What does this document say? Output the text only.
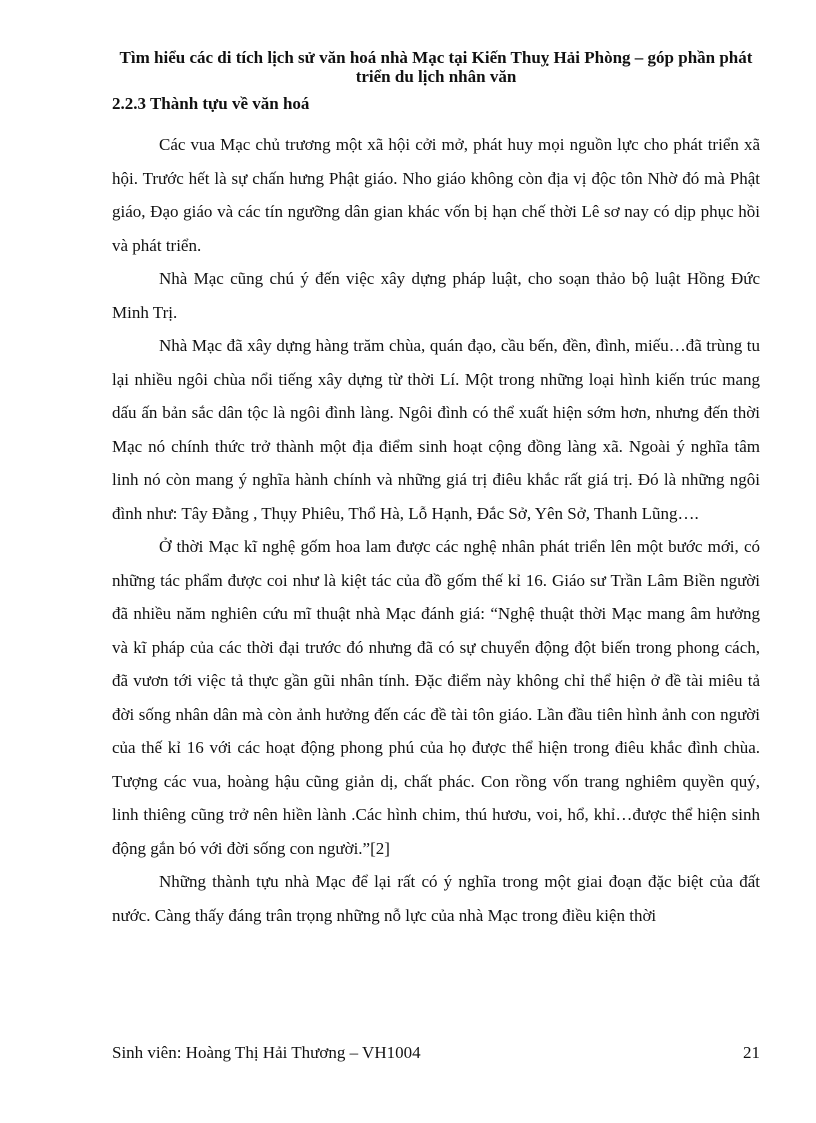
Tìm hiểu các di tích lịch sử văn hoá nhà Mạc tại Kiến Thuỵ Hải Phòng – góp phần phát triển du lịch nhân văn
2.2.3 Thành tựu về văn hoá

Các vua Mạc chủ trương một xã hội cởi mở, phát huy mọi nguồn lực cho phát triển xã hội. Trước hết là sự chấn hưng Phật giáo. Nho giáo không còn địa vị độc tôn Nhờ đó mà Phật giáo, Đạo giáo và các tín ngưỡng dân gian khác vốn bị hạn chế thời Lê sơ nay có dịp phục hồi và phát triển.

Nhà Mạc cũng chú ý đến việc xây dựng pháp luật, cho soạn thảo bộ luật Hồng Đức Minh Trị.

Nhà Mạc đã xây dựng hàng trăm chùa, quán đạo, cầu bến, đền, đình, miếu…đã trùng tu lại nhiều ngôi chùa nổi tiếng xây dựng từ thời Lí. Một trong những loại hình kiến trúc mang dấu ấn bản sắc dân tộc là ngôi đình làng. Ngôi đình có thể xuất hiện sớm hơn, nhưng đến thời Mạc nó chính thức trở thành một địa điểm sinh hoạt cộng đồng làng xã. Ngoài ý nghĩa tâm linh nó còn mang ý nghĩa hành chính và những giá trị điêu khắc rất giá trị. Đó là những ngôi đình như: Tây Đằng , Thụy Phiêu, Thổ Hà, Lỗ Hạnh, Đắc Sở, Yên Sở, Thanh Lũng….

Ở thời Mạc kĩ nghệ gốm hoa lam được các nghệ nhân phát triển lên một bước mới, có những tác phẩm được coi như là kiệt tác của đồ gốm thế kỉ 16. Giáo sư Trần Lâm Biền người đã nhiều năm nghiên cứu mĩ thuật nhà Mạc đánh giá: “Nghệ thuật thời Mạc mang âm hưởng và kĩ pháp của các thời đại trước đó nhưng đã có sự chuyển động đột biến trong phong cách, đã vươn tới việc tả thực gần gũi nhân tính. Đặc điểm này không chỉ thể hiện ở đề tài miêu tả đời sống nhân dân mà còn ảnh hưởng đến các đề tài tôn giáo. Lần đầu tiên hình ảnh con người của thế kỉ 16 với các hoạt động phong phú của họ được thể hiện trong điêu khắc đình chùa. Tượng các vua, hoàng hậu cũng giản dị, chất phác. Con rồng vốn trang nghiêm quyền quý, linh thiêng cũng trở nên hiền lành .Các hình chim, thú hươu, voi, hổ, khỉ…được thể hiện sinh động gắn bó với đời sống con người.”[2]

Những thành tựu nhà Mạc để lại rất có ý nghĩa trong một giai đoạn đặc biệt của đất nước. Càng thấy đáng trân trọng những nỗ lực của nhà Mạc trong điều kiện thời

Sinh viên: Hoàng Thị Hải Thương – VH1004	21
